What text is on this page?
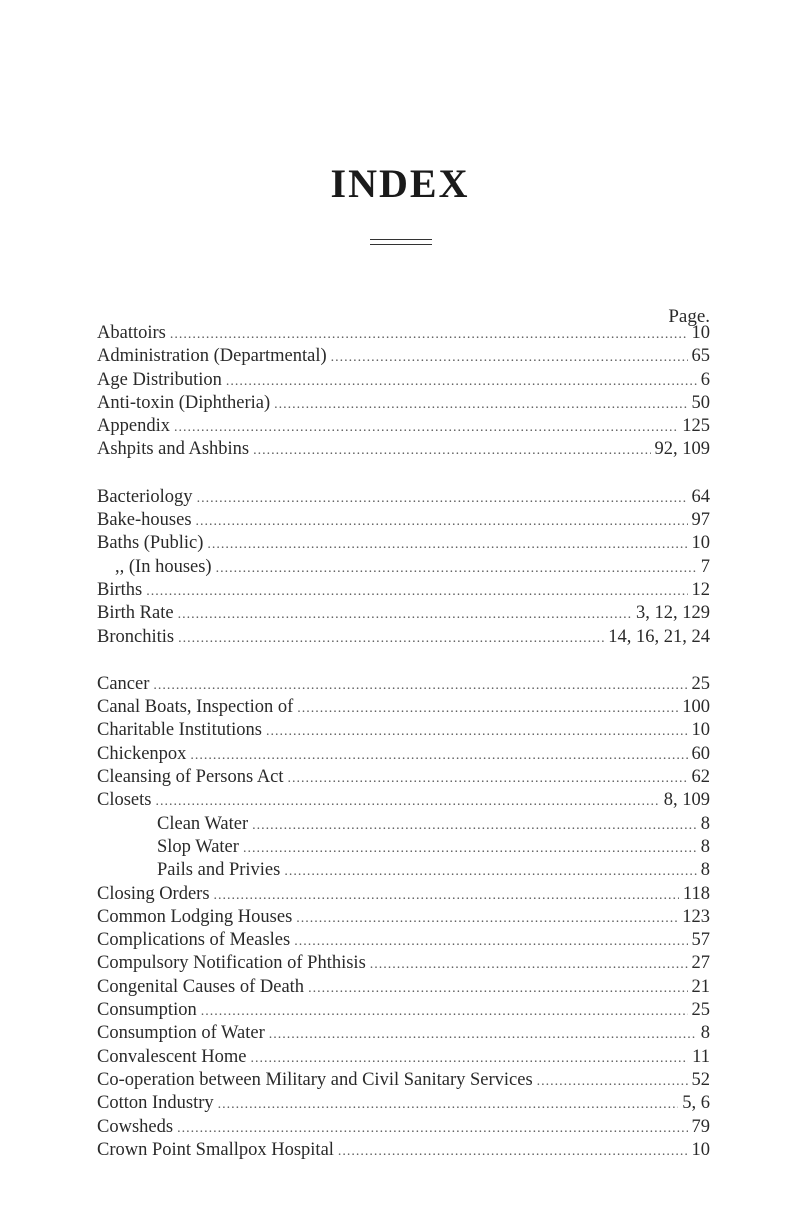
INDEX
Page.
Abattoirs .....	10
Administration (Departmental) .....	65
Age Distribution .....	6
Anti-toxin (Diphtheria) .....	50
Appendix .....	125
Ashpits and Ashbins .....	92, 109
Bacteriology .....	64
Bake-houses .....	97
Baths (Public) .....	10
,, (In houses) .....	7
Births .....	12
Birth Rate .....	3, 12, 129
Bronchitis .....	14, 16, 21, 24
Cancer .....	25
Canal Boats, Inspection of .....	100
Charitable Institutions .....	10
Chickenpox .....	60
Cleansing of Persons Act .....	62
Closets .....	8, 109
Clean Water .....	8
Slop Water .....	8
Pails and Privies .....	8
Closing Orders .....	118
Common Lodging Houses .....	123
Complications of Measles .....	57
Compulsory Notification of Phthisis .....	27
Congenital Causes of Death .....	21
Consumption .....	25
Consumption of Water .....	8
Convalescent Home .....	11
Co-operation between Military and Civil Sanitary Services .....	52
Cotton Industry .....	5, 6
Cowsheds .....	79
Crown Point Smallpox Hospital .....	10
